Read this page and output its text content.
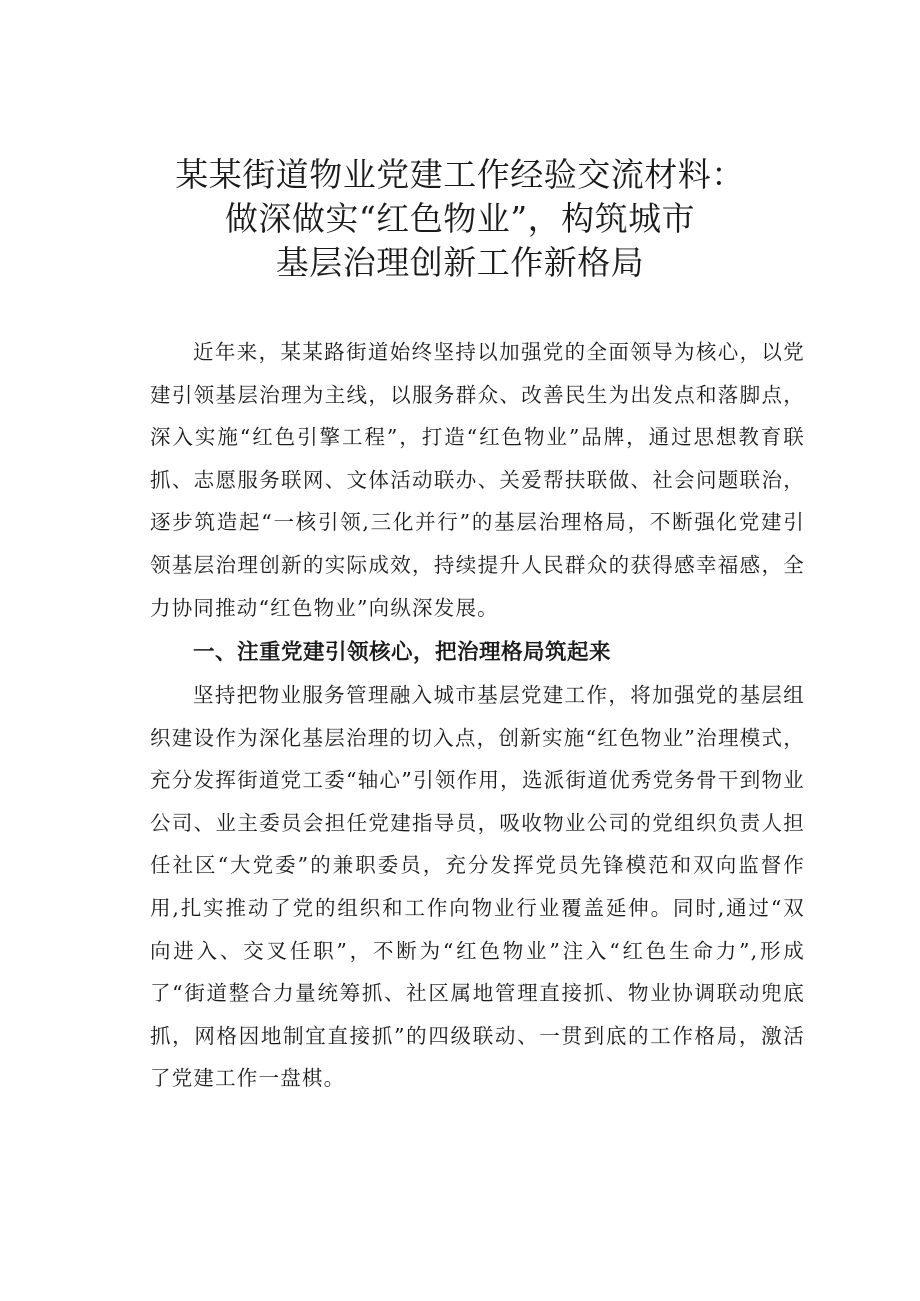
某某街道物业党建工作经验交流材料：
做深做实“红色物业”，构筑城市
基层治理创新工作新格局

近年来，某某路街道始终坚持以加强党的全面领导为核心，以党建引领基层治理为主线，以服务群众、改善民生为出发点和落脚点，深入实施“红色引擎工程”，打造“红色物业”品牌，通过思想教育联抓、志愿服务联网、文体活动联办、关爱帮扶联做、社会问题联治，逐步筑造起“一核引领,三化并行”的基层治理格局，不断强化党建引领基层治理创新的实际成效，持续提升人民群众的获得感幸福感，全力协同推动“红色物业”向纵深发展。

一、注重党建引领核心，把治理格局筑起来

坚持把物业服务管理融入城市基层党建工作，将加强党的基层组织建设作为深化基层治理的切入点，创新实施“红色物业”治理模式，充分发挥街道党工委“轴心”引领作用，选派街道优秀党务骨干到物业公司、业主委员会担任党建指导员，吸收物业公司的党组织负责人担任社区“大党委”的兼职委员，充分发挥党员先锋模范和双向监督作用,扎实推动了党的组织和工作向物业行业覆盖延伸。同时,通过“双向进入、交叉任职”，不断为“红色物业”注入“红色生命力”,形成了“街道整合力量统筹抓、社区属地管理直接抓、物业协调联动兜底抓，网格因地制宜直接抓”的四级联动、一贯到底的工作格局，激活了党建工作一盘棋。
